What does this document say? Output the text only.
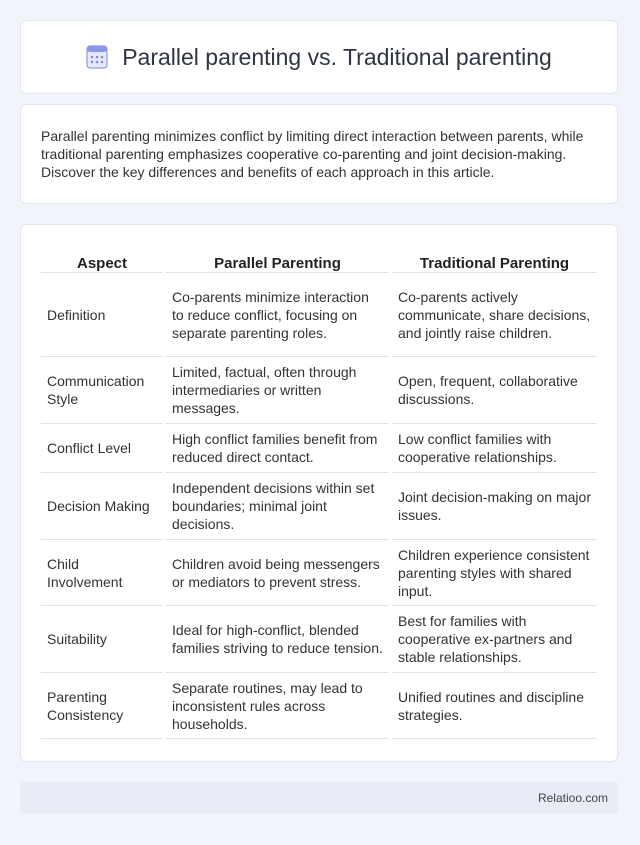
Parallel parenting vs. Traditional parenting

Parallel parenting minimizes conflict by limiting direct interaction between parents, while traditional parenting emphasizes cooperative co-parenting and joint decision-making. Discover the key differences and benefits of each approach in this article.

Aspect	Parallel Parenting	Traditional Parenting
Definition	Co-parents minimize interaction to reduce conflict, focusing on separate parenting roles.	Co-parents actively communicate, share decisions, and jointly raise children.
Communication Style	Limited, factual, often through intermediaries or written messages.	Open, frequent, collaborative discussions.
Conflict Level	High conflict families benefit from reduced direct contact.	Low conflict families with cooperative relationships.
Decision Making	Independent decisions within set boundaries; minimal joint decisions.	Joint decision-making on major issues.
Child Involvement	Children avoid being messengers or mediators to prevent stress.	Children experience consistent parenting styles with shared input.
Suitability	Ideal for high-conflict, blended families striving to reduce tension.	Best for families with cooperative ex-partners and stable relationships.
Parenting Consistency	Separate routines, may lead to inconsistent rules across households.	Unified routines and discipline strategies.
Relatioo.com
